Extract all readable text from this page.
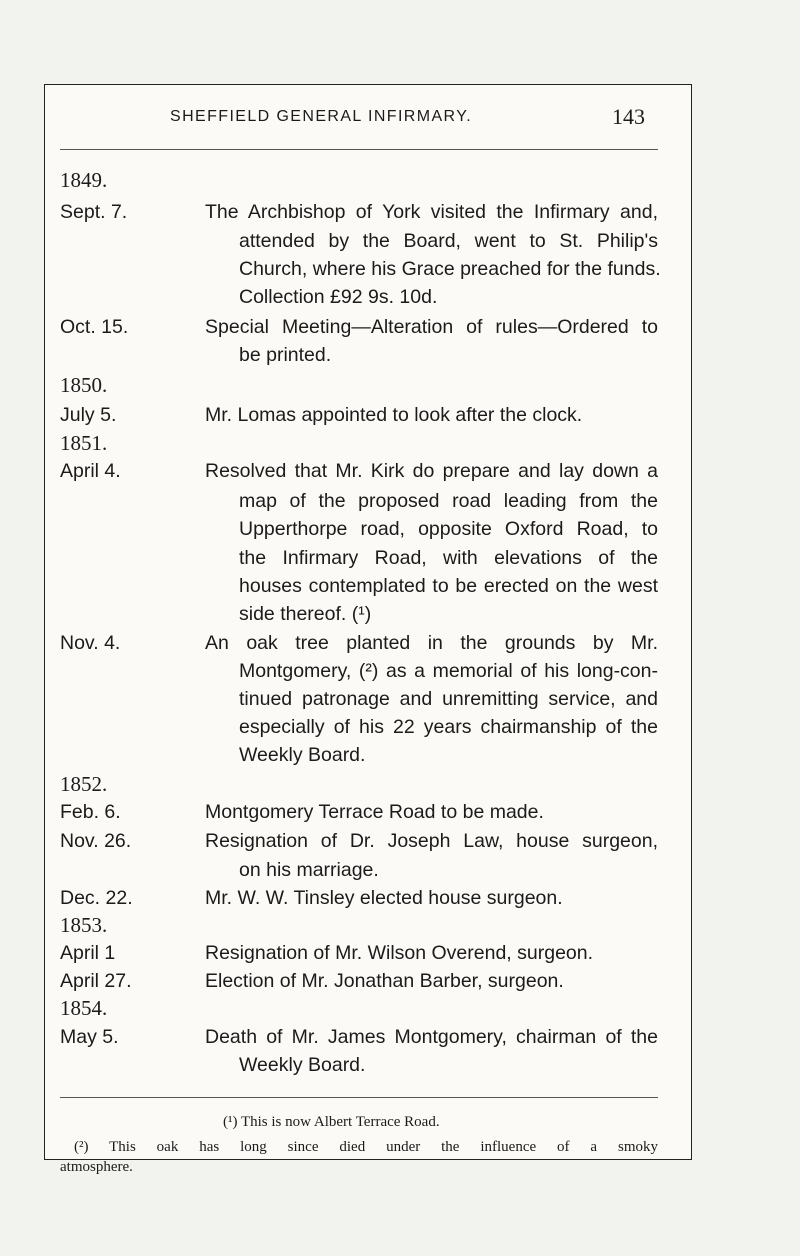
SHEFFIELD GENERAL INFIRMARY.	143
1849.
Sept. 7.	The Archbishop of York visited the Infirmary and,
attended by the Board, went to St. Philip's
Church, where his Grace preached for the funds.
Collection £92 9s. 10d.
Oct. 15.	Special Meeting—Alteration of rules—Ordered to
be printed.
1850.
July 5.	Mr. Lomas appointed to look after the clock.
1851.
April 4.	Resolved that Mr. Kirk do prepare and lay down a
map of the proposed road leading from the
Upperthorpe road, opposite Oxford Road, to
the Infirmary Road, with elevations of the
houses contemplated to be erected on the west
side thereof. (¹)
Nov. 4.	An oak tree planted in the grounds by Mr.
Montgomery, (²) as a memorial of his long-con-
tinued patronage and unremitting service, and
especially of his 22 years chairmanship of the
Weekly Board.
1852.
Feb. 6.	Montgomery Terrace Road to be made.
Nov. 26.	Resignation of Dr. Joseph Law, house surgeon,
on his marriage.
Dec. 22.	Mr. W. W. Tinsley elected house surgeon.
1853.
April 1	Resignation of Mr. Wilson Overend, surgeon.
April 27.	Election of Mr. Jonathan Barber, surgeon.
1854.
May 5.	Death of Mr. James Montgomery, chairman of the
Weekly Board.
(¹) This is now Albert Terrace Road.
(²) This oak has long since died under the influence of a smoky
atmosphere.
